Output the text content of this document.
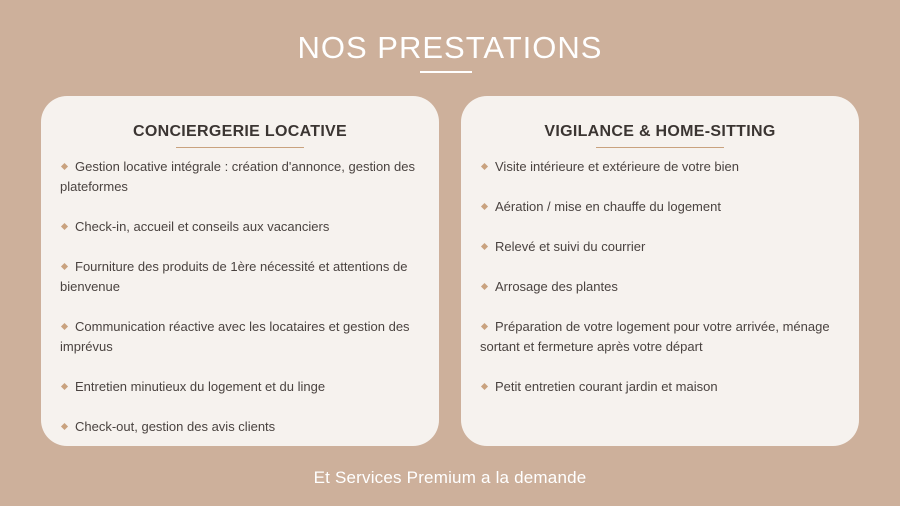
NOS PRESTATIONS
CONCIERGERIE LOCATIVE
Gestion locative intégrale : création d'annonce, gestion des plateformes
Check-in, accueil et conseils aux vacanciers
Fourniture des produits de 1ère nécessité et attentions de bienvenue
Communication réactive avec les locataires et gestion des imprévus
Entretien minutieux du logement et du linge
Check-out, gestion des avis clients
VIGILANCE & HOME-SITTING
Visite intérieure et extérieure de votre bien
Aération / mise en chauffe du logement
Relevé et suivi du courrier
Arrosage des plantes
Préparation de votre logement pour votre arrivée, ménage sortant et fermeture après votre départ
Petit entretien courant jardin et maison
Et Services Premium a la demande
